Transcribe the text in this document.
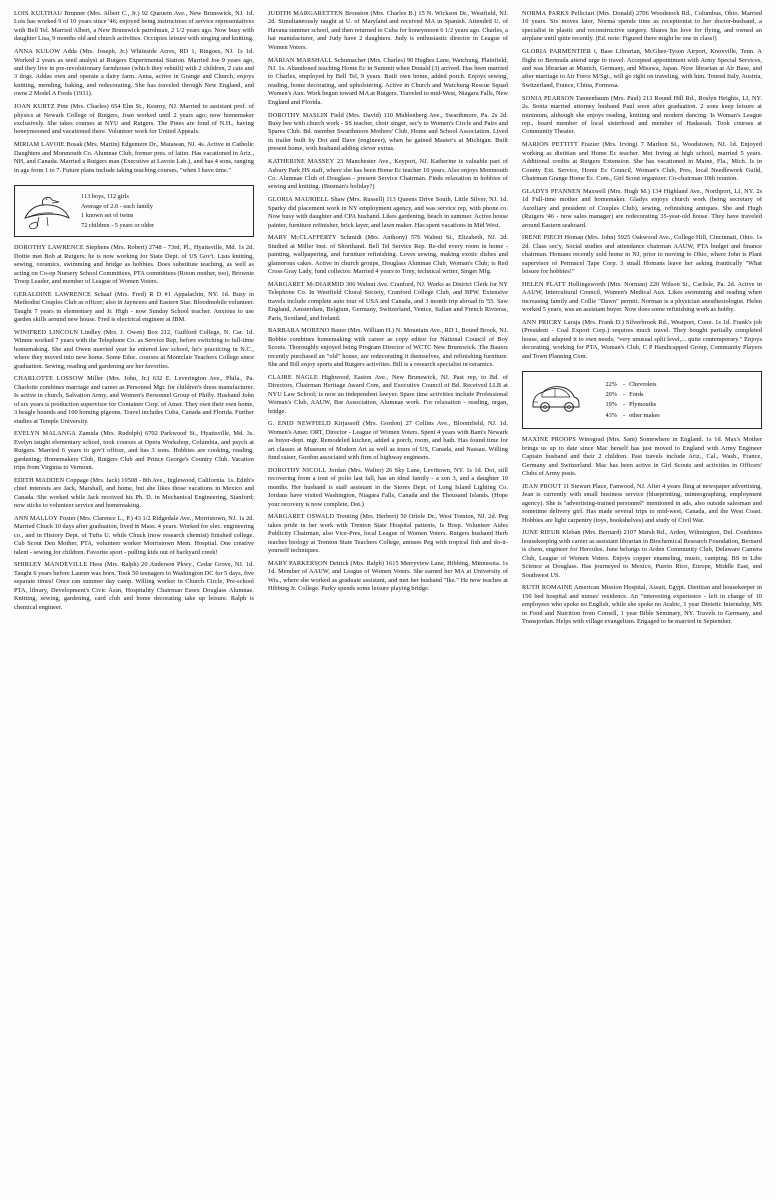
LOIS KULTHAU Brunner (Mrs. Albert C., Jr.) 92 Queuein Ave., New Brunswick, NJ. 1d. Lois has worked 9 of 10 years since '46; enjoyed being instructress of service representatives with Bell Tel. Married Albert, a New Brunswick patrolman, 2 1/2 years ago. Now busy with daughter Lisa, 9 months old and church activities. Occupies leisure with singing and knitting.
ANNA KULOW Adda (Mrs. Joseph, Jr.) Whiteside Acres, RD 1, Ringoes, NJ. 1s 1d. Worked 2 years as seed analyst at Rutgers Experimental Station. Married Joe 9 years ago, and they live in pre-revolutionary farmhouse (which they rebuilt) with 2 children, 2 cats and 3 dogs. Addas own and operate a dairy farm. Anna, active in Grange and Church, enjoys knitting, mending, baking, and redecorating. She has traveled through New England, and owns 2 Model A Fords (1931).
JOAN KURTZ Pine (Mrs. Charles) 654 Elm St., Kearny, NJ. Married to assistant prof. of physics at Newark College of Rutgers, Joan worked until 2 years ago; now homemaker exclusively. She takes courses at NYU and Rutgers. The Pines are fond of N.H., having honeymooned and vacationed there. Volunteer work for United Appeals.
MIRIAM LAVOIE Bosak (Mrs. Martin) Edgemere Dr., Matawan, NJ. 4s. Active in Catholic Daughters and Monmouth Co. Alumnae Club, former pres. of latter. Has vacationed in Ariz., NH, and Canada. Married a Rutgers man (Executive at Lavoie Lab.), and has 4 sons, ranging in age from 1 to 7. Future plans include taking teaching courses, "when I have time."
113 boys, 112 girls
Average of 2.0 - each family
1 known set of twins
72 children - 5 years or older
DOROTHY LAWRENCE Stephens (Mrs. Robert) 2748 - 73rd, Pl., Hyattsville, Md. 1s 2d. Dottie met Bob at Rutgers; he is now working for State Dept. of US Gov't. Lists knitting, sewing, ceramics, swimming and bridge as hobbies. Does substitute teaching, as well as acting on Co-op Nursery School Committees, PTA committees (Room mother, too), Brownie Troop Leader, and member of League of Women Voters.
GERALDINE LAWRENCE Schaaf (Mrs. Fred) R D #1 Appalachin, NY. 1d. Busy in Methodist Couples Club as officer; also in Jayncees and Eastern Star. Bloodmobile volunteer. Taught 7 years in elementary and Jr. High - now Sunday School teacher. Anxious to use garden skills around new house. Fred is electrical engineer at IBM.
WINIFRED LINCOLN Lindley (Mrs. J. Owen) Box 212, Guilford College, N. Car. 1d. Winnie worked 7 years with the Telephone Co. as Service Rep, before switching to full-time homemaking. She and Owen married year he entered law school, he's practicing in N.C., where they moved into new home. Some Educ. courses at Montclair Teachers College since graduation. Sewing, reading and gardening are her favorites.
CHARLOTTE LOSSOW Miller (Mrs. John, Jr.) 632 E. Leverington Ave., Phila., Pa. Charlotte combines marriage and career as Personnel Mgr. for children's dress manufacturer. Is active in church, Salvation Army, and Women's Personnel Group of Philly. Husband John of six years is production supervisor for Container Corp. of Amer. They own their own home, 3 beagle hounds and 100 homing pigeons. Travel includes Cuba, Canada and Florida. Further studies at Temple University.
EVELYN MALANGA Zamula (Mrs. Rudolph) 6702 Parkwood St., Hyattsville, Md. 3s. Evelyn taught elementary school, took courses at Opera Workshop, Columbia, and psych at Rutgers. Married 6 years to gov't officer, and has 3 sons. Hobbies are cooking, reading, gardening; Homemakers Club, Rutgers Club and Prince George's Country Club. Vacation trips from Virginia to Vermont.
EDITH MADDEN Coppage (Mrs. Jack) 10508 - 8th Ave., Inglewood, California. 1s. Edith's chief interests are Jack, Marshall, and home, but she likes those vacations in Mexico and Canada. She worked while Jack received his Ph. D. in Mechanical Engineering, Stanford; now sticks to volunteer service and homemaking.
ANN MALLOY Foster (Mrs. Clarence L., P.) 43 1/2 Ridgedale Ave., Morristown, NJ. 1s 2d. Married Chuck 10 days after graduation, lived in Mass. 4 years. Worked for elec. engineering co., and in History Dept. of Tufts U. while Chuck (now research chemist) finished college. Cub Scout Den Mother, PTA, volunteer worker Morristown Mem. Hospital. One creative talent - sewing for children. Favorite sport - pulling kids out of backyard creek!
SHIRLEY MANDEVILLE Hess (Mrs. Ralph) 20 Anderson Pkwy., Cedar Grove, NJ. 1d. Taught 6 years before Lauren was born. Took 50 teenagers to Washington DC for 5 days, five separate times! Once ran summer day camp. Willing worker in Church Circle, Pre-school PTA, library, Development's Civic Assn, Hospitality Chairman Essex Douglass Alumnae. Knitting, sewing, gardening, card club and home decorating take up leisure. Ralph is chemical engineer.
JUDITH MARGARETTEN Bronston (Mrs. Charles B.) 15 N. Wickson Dr., Westfield, NJ. 2d. Simultaneously taught at U. of Maryland and received MA in Spanish. Attended U. of Havana summer school, and then returned to Cuba for honeymoon 6 1/2 years ago. Charles, a hat manufacturer, and Judy have 2 daughters. Judy is enthusiastic director in League of Women Voters.
MARIAN MARSHALL Schumacher (Mrs. Charles) 90 Hughes Lane, Watchung, Plainfield, NJ. 1s. Abandoned teaching Home Ec in Summit when Donald (3) arrived. Has been married to Charles, employed by Bell Tel, 9 years. Built own home, added porch. Enjoys sewing, reading, home decorating, and upholstering. Active in Church and Watchung Rescue Squad Women's Aux. Work begun toward MA at Rutgers. Traveled to mid-West, Niagara Falls, New England and Florida.
DOROTHY MASLIN Field (Mrs. David) 110 Muhlenberg Ave., Swarthmore, Pa. 2s 2d. Busy bee with church work - SS teacher, choir singer, sec'y to Women's Circle and Pairs and Spares Club. Bd. member Swarthmore Mothers' Club, Home and School Association. Lived in trailer built by Dot and Dave (engineer), when he gained Master's at Michigan. Built present home, with husband adding clever extras.
KATHERINE MASSEY 23 Manchester Ave., Keyport, NJ. Katherine is valuable part of Asbury Park HS staff, where she has been Home Ec teacher 10 years. Also enjoys Monmouth Co. Alumnae Club of Douglass - present Service Chairman. Finds relaxation in hobbies of sewing and knitting. (Busman's holiday?)
GLORIA MAURIELL Shaw (Mrs. Russell) 113 Queens Drive South, Little Silver, NJ. 1d. Sparky did placement work in NY employment agency, and was service rep, with phone co. Now busy with daughter and CPA husband. Likes gardening, beach in summer. Active house painter, furniture refinisher, brick layer, and lawn maker. Has spent vacations in Mid West.
MARY McCLAFFERTY Schmidt (Mrs. Anthony) 576 Walnut St., Elizabeth, NJ. 2d. Studied at Miller Inst. of Shorthand. Bell Tel Service Rep. Re-did every room in home - painting, wallpapering, and furniture refinishing. Loves sewing, making exotic dishes and glamorous cakes. Active in church groups, Douglass Alumnae Club, Woman's Club; is Red Cross Gray Lady, fund collector. Married 4 years to Tony, technical writer, Singer Mfg.
MARGARET McDIARMID 306 Walnut Ave. Cranford, NJ. Works as District Clerk for NY Telephone Co. In Westfield Choral Society, Cranford College Club, and BPW. Extensive travels include complete auto tour of USA and Canada, and 3 month trip abroad in '55. Saw England, Amsterdam, Belgium, Germany, Switzerland, Venice, Italian and French Rivieras, Paris, Scotland, and Ireland.
BARBARA MORENO Bauer (Mrs. William H.) N. Mountain Ave., RD 1, Bound Brook, NJ. Bobbie combines homemaking with career as copy editor for National Council of Boy Scouts. Thoroughly enjoyed being Program Director of WCTC New Brunswick. The Bauers recently purchased an "old" house, are redecorating it themselves, and refinishing furniture. She and Bill enjoy sports and Rutgers activities. Bill is a research specialist in ceramics.
CLAIRE NAGLE Highwood, Easton Ave., New Brunswick, NJ. Past rep, to Bd. of Directors, Chairman Heritage Award Com, and Executive Council of Bd. Received LLB at NYU Law School; is now an independent lawyer. Spare time activities include Professional Woman's Club, AAUW, Bar Association, Alumnae work. For relaxation - reading, organ, bridge.
G. ENID NEWFIELD Kirjassoff (Mrs. Gordon) 27 Collins Ave., Bloomfield, NJ. 1d. Women's Amer. ORT, Director - League of Women Voters. Spent 4 years with Bam's Newark as buyer-dept. mgr. Remodeled kitchen, added a porch, room, and bath. Has found time for art classes at Museum of Modern Art as well as tours of US, Canada, and Nassau. Willing fund raiser, Gordon associated with firm of highway engineers.
DOROTHY NICOLL Jordan (Mrs. Walter) 26 Sky Lane, Levittown, NY. 1s 1d. Dot, still recovering from a tout of polio last fall, has an ideal family - a son 3, and a daughter 10 months. Her husband is staff assistant in the Stores Dept. of Long Island Lighting Co. Jordans have visited Washington, Niagara Falls, Canada and the Thousand Islands. (Hope your recovery is now complete, Dot.)
MARGARET OSWALD Treuting (Mrs. Herbert) 50 Oriole Dr., West Trenton, NJ. 2d. Peg takes pride in her work with Trenton State Hospital patients, Is Hosp. Volunteer Aides Publicity Chairman, also Vice-Pres, local League of Women Voters. Rutgers husband Herb teaches biology at Trenton State Teachers College, amuses Peg with tropical fish and do-it-yourself techniques.
MARY PARKERSON Detrick (Mrs. Ralph) 1615 Merryview Lane, Hibbing, Minnesota. 1s 1d. Member of AAUW, and League of Women Voters. She earned her MA at University of Wis., where she worked as graduate assistant, and met her husband "Ike." He now teaches at Hibbing Jr. College. Parky spends some leisure playing bridge.
NORMA PARKS Pelliciari (Mrs. Donald) 2706 Woodstock Rd., Columbus, Ohio. Married 10 years. Six moves later, Norma spends time as receptionist to her doctor-husband, a specialist in plastic and reconstructive surgery. Shares his love for flying, and owned an airplane until quite recently. (Ed. note: Figured there might be one in class!)
GLORIA PARMENTIER t, Base Librarian, McGhee-Tyson Airport, Knoxville, Tenn. A flight to Bermuda attend urge to travel. Accepted appointment with Army Special Services, and was librarian at Munich, Germany, and Misawa, Japan. Now librarian at Air Base, and after marriage to Air Force M/Sgt., will go right on traveling, with him. Toured Italy, Austria, Switzerland, France, China, Formosa.
SONIA PEARSON Tannenbaum (Mrs. Paul) 213 Round Hill Rd., Roslyn Heights, LI, NY. 2s. Sonia married attorney husband Paul soon after graduation. 2 sons keep leisure at minimum, although she enjoys reading, knitting and modern dancing. Is Woman's League rep., board member of local sisterhood and member of Hadassah. Took courses at Community Theater.
MARION PETTITT Frazier (Mrs. Irving) 7 Marlton St., Woodstown, NJ. 1d. Enjoyed working as dietitian and Home Ec teacher. Met Irving at high school, married 5 years. Additional credits at Rutgers Extension. She has vacationed in Maine, Fla., Mich. Is in County Ext. Service, Home Ec Council, Woman's Club, Pres, local Needlework Guild, Chairman Grange Home Ec. Com., Girl Scout organizer. Co-chairman 10th reunion.
GLADYS PFANNEN Maxwell (Mrs. Hugh M.) 134 Highland Ave., Northport, LI, NY. 2s 1d Full-time mother and homemaker. Gladys enjoys church work (being secretary of Auxiliary and president of Couples Club), sewing, refinishing antiques. She and Hugh (Rutgers '46 - now sales manager) are redecorating 35-year-old house. They have traveled around Eastern seaboard.
IRENE PIECH Homan (Mrs. John) 5925 Oakwood Ave., College Hill, Cincinnati, Ohio. 1s 2d. Class sec'y, Social studies and attendance chairman AAUW, PTA budget and finance chairman. Homans recently sold home in NJ, prior to moving to Ohio, where John is Plant supervisor of Permacel Tape Corp. 3 small Homans leave her asking frantically "What leisure for hobbies!"
HELEN PLATT Hollingsworth (Mrs. Norman) 220 Wilson St., Carlisle, Pa. 2d. Active in AAUW, Intercultural Council, Women's Medical Aux. Likes swimming and reading when increasing family and Collie "Dawn" permit. Norman is a physician anesthesiologist. Helen worked 5 years, was an assistant buyer. Now does some refinishing work as hobby.
ANN PRICRY Laraja (Mrs. Frank D.) Silverbrook Rd., Westport, Conn. 1s 1d. Frank's job (President - Coal Export Corp.) requires much travel. They bought partially completed house, and adapted it to own needs; "very unusual split level,... quite contemporary." Enjoys decorating, working for PTA, Woman's Club, C P Handicapped Group, Community Players and Town Planning Com.
22% - Chevrolets
20% - Fords
19% - Plymouths
43% - other makes
MAXINE PROOPS Winograd (Mrs. Sam) Somewhere in England. 1s 1d. Max's Mother brings us up to date since Mac herself has just moved to England with Army Engineer Captain husband and their 2 children. Past travels include Ariz., Cal., Wash., France, Germany and Switzerland. Mac has been active in Girl Scouts and activities in Officers' Clubs of Army posts.
JEAN PROUT 11 Stewart Place, Fanwood, NJ. After 4 years fling at newspaper advertising, Jean is currently with small business service (blueprinting, mimeographing, employment agency). She is "advertising-trained personnel" mentioned in ads, also outside salesman and sometime delivery girl. Has made several trips to mid-west, Canada, and the West Coast. Hobbies are light carpentry (toys, bookshelves) and study of Civil War.
JUNE RIEUR Kleban (Mrs. Bernard) 2107 Marsh Rd., Arden, Wilmington, Del. Combines housekeeping with career as assistant librarian in Biochemical Research Foundation, Bernard is chem, engineer for Hercules. June belongs to Arden Community Club, Delaware Camera Club, League of Women Voters. Enjoys copper enameling, music, camping. BS in Libe Science at Douglass. Has journeyed to Mexico, Puerto Rico, Europe, Middle East, and Southwest US.
RUTH ROMAINE American Mission Hospital, Assuit, Egypt. Dietitian and housekeeper in 150 bed hospital and nurses' residence. An "interesting experience - left in charge of 10 employees who spoke no English, while she spoke no Arabic, 1 year Dietetic Internship, MS in Food and Nutrition from Cornell, 1 year Bible Seminary, NY. Travels to Germany, and Transjordan. Helps with village evangelism. Engaged to be married in September.
